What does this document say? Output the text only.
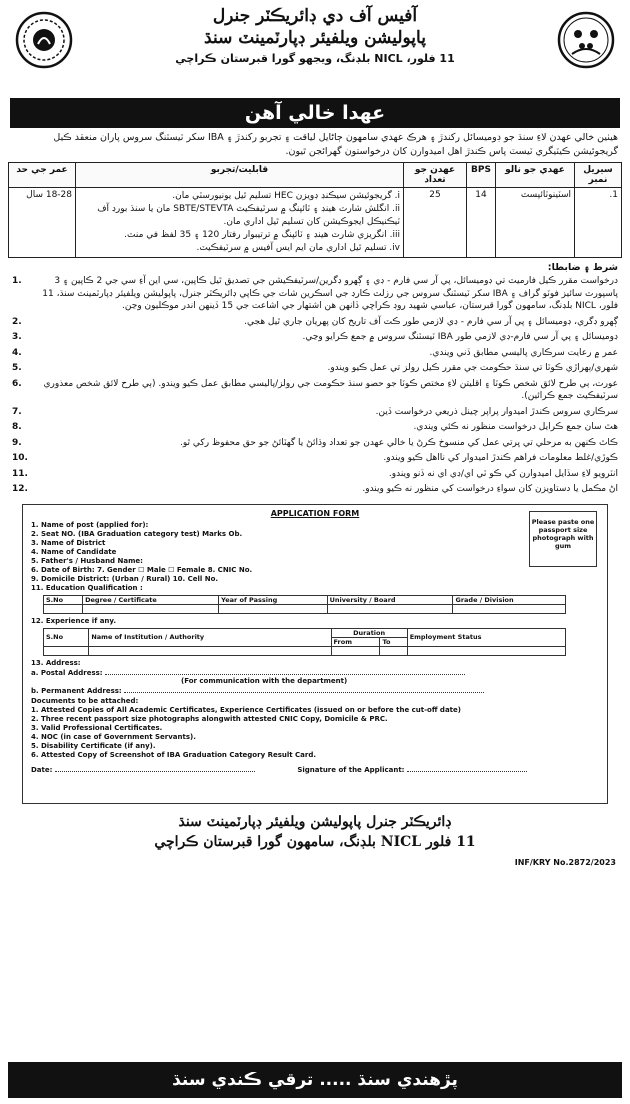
آفيس آف دي ڊائريڪٽر جنرل
پاپوليشن ويلفيئر ڊپارٽمينٽ سنڌ
11 فلور، NICL بلڊنگ، ويجهو گورا قبرستان ڪراچي
عهدا خالي آهن
هيٺين خالي عهدن لاءِ سنڌ جو ڊوميسائل رکندڙ ۽ هرڪ عهدي سامهون ڄاڻايل لياقت ۽ تجربو رکندڙ ۽ IBA سکر ٽيسٽنگ سروس پاران منعقد ڪيل گريجوئيشن ڪيٽيگري ٽيسٽ پاس ڪندڙ اهل اميدوارن کان درخواستون گهرائجن ٿيون.
سيريل نمبر	عهدي جو نالو	BPS	عهدن جو تعداد	قابليت/تجربو	عمر جي حد
1.	اسٽينوٽائپسٽ	14	25	i. گريجوئيشن سيڪنڊ ڊويزن HEC تسليم ٿيل يونيورسٽي مان.
ii. انگلش شارٽ هينڊ ۽ ٽائپنگ ۾ سرٽيفڪيٽ SBTE/STEVTA مان يا سنڌ بورڊ آف ٽيڪنيڪل ايجوڪيشن کان تسليم ٿيل اداري مان.
iii. انگريزي شارٽ هينڊ ۽ ٽائپنگ ۾ ترتيبوار رفتار 120 ۽ 35 لفظ في منٽ.
iv. تسليم ٿيل اداري مان ايم ايس آفيس ۾ سرٽيفڪيٽ.	18-28 سال
شرط ۽ ضابطا:
درخواست مقرر ڪيل فارميٽ تي ڊوميسائل، پي آر سي فارم - ڊي ۽ ڳهرو ڊگرين/سرٽيفڪيشن جي تصديق ٿيل ڪاپين، سي اين آءِ سي جي 2 ڪاپين ۽ 3 پاسپورٽ سائيز فوٽو گراف ۽ IBA سکر ٽيسٽنگ سروس جي رزلٽ ڪارڊ جي اسڪرين شاٽ جي ڪاپي ڊائريڪٽر جنرل، پاپوليشن ويلفيئر ڊپارٽمينٽ سنڌ، 11 فلور، NICL بلڊنگ، سامهون گورا قبرستان، عباسي شهيد روڊ ڪراچي ڏانهن هن اشتهار جي اشاعت جي 15 ڏينهن اندر موڪليون وڃن.
1.
ڳهرو ڊگري، ڊوميسائل ۽ پي آر سي فارم - ڊي لازمي طور ڪٽ آف تاريخ کان پهريان جاري ٿيل هجي.
2.
ڊوميسائل ۽ پي آر سي فارم-ڊي لازمي طور IBA ٽيسٽنگ سروس ۾ جمع ڪرايو وڃي.
3.
عمر ۾ رعايت سرڪاري پاليسي مطابق ڏني ويندي.
4.
شهري/ٻهراڙي ڪوٽا تي سنڌ حڪومت جي مقرر ڪيل رولز تي عمل ڪيو ويندو.
5.
عورت، ٻي طرح لائق شخص ڪوٽا ۽ اقليتن لاءِ مختص ڪوٽا جو حصو سنڌ حڪومت جي رولز/پاليسي مطابق عمل ڪيو ويندو. (ٻي طرح لائق شخص معذوري سرٽيفڪيٽ جمع ڪرائين).
6.
سرڪاري سروس ڪندڙ اميدوار پراپر چينل ذريعي درخواست ڏين.
7.
هٿ سان جمع ڪرايل درخواست منظور نه ڪئي ويندي.
8.
ڪاٿ ڪنهن به مرحلي تي ڀرتي عمل کي منسوخ ڪرڻ يا خالي عهدن جو تعداد وڌائڻ يا گهٽائڻ جو حق محفوظ رکي ٿو.
9.
ڪوڙي/غلط معلومات فراهم ڪندڙ اميدوار کي نااهل ڪيو ويندو.
10.
انٽرويو لاءِ سڏايل اميدوارن کي ڪو ٽي اي/ڊي اي نه ڏنو ويندو.
11.
اڻ مڪمل يا دستاويزن کان سواءِ درخواست کي منظور نه ڪيو ويندو.
12.
APPLICATION FORM
Please paste one passport size photograph with gum
1. Name of post (applied for):
2. Seat NO. (IBA Graduation category test) Marks Ob.
3. Name of District
4. Name of Candidate
5. Father's / Husband Name:
6. Date of Birth: 7. Gender ☐ Male ☐ Female 8. CNIC No.
9. Domicile District: (Urban / Rural) 10. Cell No.
11. Education Qualification :
S.No	Degree / Certificate	Year of Passing	University / Board	Grade / Division

12. Experience if any.
S.No	Name of Institution / Authority	Duration		Employment Status
		From	To	

13. Address:
a. Postal Address:
(For communication with the department)
b. Permanent Address:
Documents to be attached:
1. Attested Copies of All Academic Certificates, Experience Certificates (issued on or before the cut-off date)
2. Three recent passport size photographs alongwith attested CNIC Copy, Domicile & PRC.
3. Valid Professional Certificates.
4. NOC (in case of Government Servants).
5. Disability Certificate (if any).
6. Attested Copy of Screenshot of IBA Graduation Category Result Card.
Date:	Signature of the Applicant:
ڊائريڪٽر جنرل پاپوليشن ويلفيئر ڊپارٽمينٽ سنڌ
11 فلور NICL بلڊنگ، سامهون گورا قبرستان ڪراچي
INF/KRY No.2872/2023
پڙهندي سنڌ ..... ترقي ڪندي سنڌ
